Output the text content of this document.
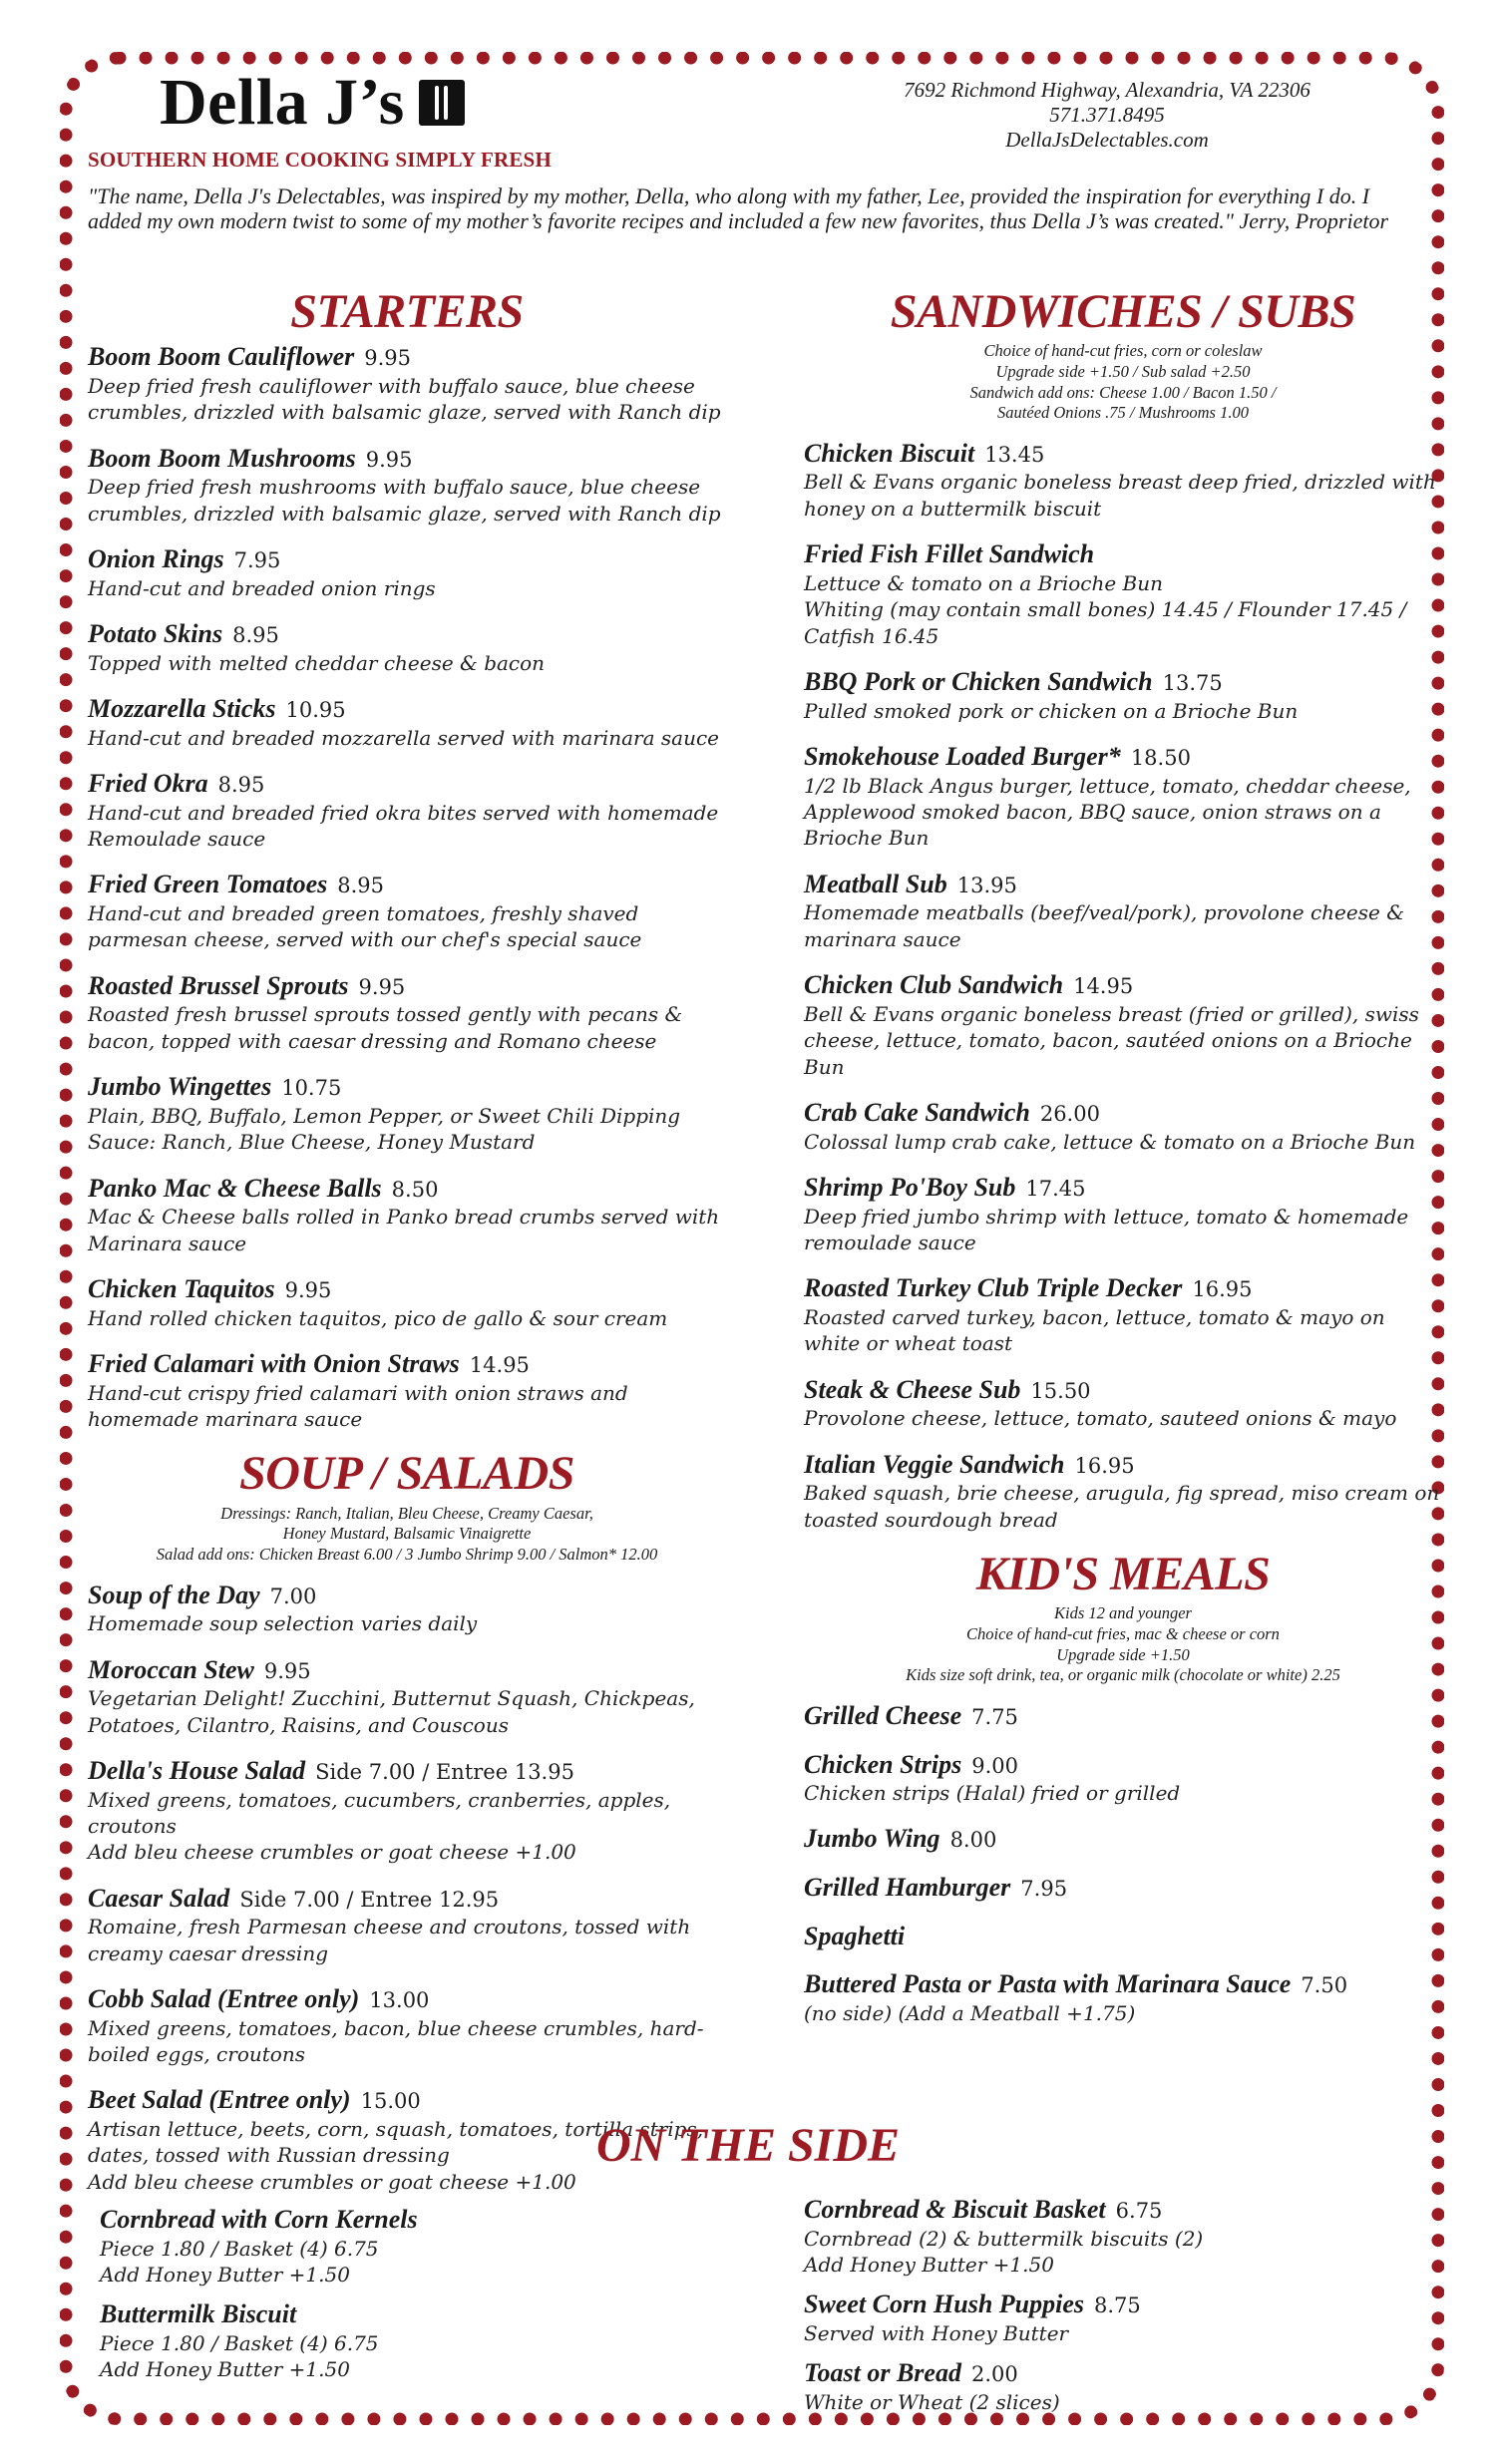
Della J’s
SOUTHERN HOME COOKING SIMPLY FRESH
7692 Richmond Highway, Alexandria, VA 22306
571.371.8495
DellaJsDelectables.com
"The name, Della J's Delectables, was inspired by my mother, Della, who along with my father, Lee, provided the inspiration for everything I do. I added my own modern twist to some of my mother’s favorite recipes and included a few new favorites, thus Della J’s was created." Jerry, Proprietor
STARTERS
Boom Boom Cauliflower 9.95
Deep fried fresh cauliflower with buffalo sauce, blue cheese
crumbles, drizzled with balsamic glaze, served with Ranch dip
Boom Boom Mushrooms 9.95
Deep fried fresh mushrooms with buffalo sauce, blue cheese
crumbles, drizzled with balsamic glaze, served with Ranch dip
Onion Rings 7.95
Hand-cut and breaded onion rings
Potato Skins 8.95
Topped with melted cheddar cheese & bacon
Mozzarella Sticks 10.95
Hand-cut and breaded mozzarella served with marinara sauce
Fried Okra 8.95
Hand-cut and breaded fried okra bites served with homemade
Remoulade sauce
Fried Green Tomatoes 8.95
Hand-cut and breaded green tomatoes, freshly shaved
parmesan cheese, served with our chef's special sauce
Roasted Brussel Sprouts 9.95
Roasted fresh brussel sprouts tossed gently with pecans &
bacon, topped with caesar dressing and Romano cheese
Jumbo Wingettes 10.75
Plain, BBQ, Buffalo, Lemon Pepper, or Sweet Chili Dipping
Sauce: Ranch, Blue Cheese, Honey Mustard
Panko Mac & Cheese Balls 8.50
Mac & Cheese balls rolled in Panko bread crumbs served with
Marinara sauce
Chicken Taquitos 9.95
Hand rolled chicken taquitos, pico de gallo & sour cream
Fried Calamari with Onion Straws 14.95
Hand-cut crispy fried calamari with onion straws and
homemade marinara sauce
SOUP / SALADS
Dressings: Ranch, Italian, Bleu Cheese, Creamy Caesar,
Honey Mustard, Balsamic Vinaigrette
Salad add ons: Chicken Breast 6.00 / 3 Jumbo Shrimp 9.00 / Salmon* 12.00
Soup of the Day 7.00
Homemade soup selection varies daily
Moroccan Stew 9.95
Vegetarian Delight! Zucchini, Butternut Squash, Chickpeas,
Potatoes, Cilantro, Raisins, and Couscous
Della's House Salad Side 7.00 / Entree 13.95
Mixed greens, tomatoes, cucumbers, cranberries, apples,
croutons
Add bleu cheese crumbles or goat cheese +1.00
Caesar Salad Side 7.00 / Entree 12.95
Romaine, fresh Parmesan cheese and croutons, tossed with
creamy caesar dressing
Cobb Salad (Entree only) 13.00
Mixed greens, tomatoes, bacon, blue cheese crumbles, hard-
boiled eggs, croutons
Beet Salad (Entree only) 15.00
Artisan lettuce, beets, corn, squash, tomatoes, tortilla strips,
dates, tossed with Russian dressing
Add bleu cheese crumbles or goat cheese +1.00
SANDWICHES / SUBS
Choice of hand-cut fries, corn or coleslaw
Upgrade side +1.50 / Sub salad +2.50
Sandwich add ons: Cheese 1.00 / Bacon 1.50 /
Sautéed Onions .75 / Mushrooms 1.00
Chicken Biscuit 13.45
Bell & Evans organic boneless breast deep fried, drizzled with
honey on a buttermilk biscuit
Fried Fish Fillet Sandwich
Lettuce & tomato on a Brioche Bun
Whiting (may contain small bones) 14.45 / Flounder 17.45 /
Catfish 16.45
BBQ Pork or Chicken Sandwich 13.75
Pulled smoked pork or chicken on a Brioche Bun
Smokehouse Loaded Burger* 18.50
1/2 lb Black Angus burger, lettuce, tomato, cheddar cheese,
Applewood smoked bacon, BBQ sauce, onion straws on a
Brioche Bun
Meatball Sub 13.95
Homemade meatballs (beef/veal/pork), provolone cheese &
marinara sauce
Chicken Club Sandwich 14.95
Bell & Evans organic boneless breast (fried or grilled), swiss
cheese, lettuce, tomato, bacon, sautéed onions on a Brioche Bun
Crab Cake Sandwich 26.00
Colossal lump crab cake, lettuce & tomato on a Brioche Bun
Shrimp Po'Boy Sub 17.45
Deep fried jumbo shrimp with lettuce, tomato & homemade
remoulade sauce
Roasted Turkey Club Triple Decker 16.95
Roasted carved turkey, bacon, lettuce, tomato & mayo on
white or wheat toast
Steak & Cheese Sub 15.50
Provolone cheese, lettuce, tomato, sauteed onions & mayo
Italian Veggie Sandwich 16.95
Baked squash, brie cheese, arugula, fig spread, miso cream on
toasted sourdough bread
KID'S MEALS
Kids 12 and younger
Choice of hand-cut fries, mac & cheese or corn
Upgrade side +1.50
Kids size soft drink, tea, or organic milk (chocolate or white) 2.25
Grilled Cheese 7.75
Chicken Strips 9.00
Chicken strips (Halal) fried or grilled
Jumbo Wing 8.00
Grilled Hamburger 7.95
Spaghetti
Buttered Pasta or Pasta with Marinara Sauce 7.50
(no side) (Add a Meatball +1.75)
ON THE SIDE
Cornbread with Corn Kernels
Piece 1.80 / Basket (4) 6.75
Add Honey Butter +1.50
Buttermilk Biscuit
Piece 1.80 / Basket (4) 6.75
Add Honey Butter +1.50
Cornbread & Biscuit Basket 6.75
Cornbread (2) & buttermilk biscuits (2)
Add Honey Butter +1.50
Sweet Corn Hush Puppies 8.75
Served with Honey Butter
Toast or Bread 2.00
White or Wheat (2 slices)
